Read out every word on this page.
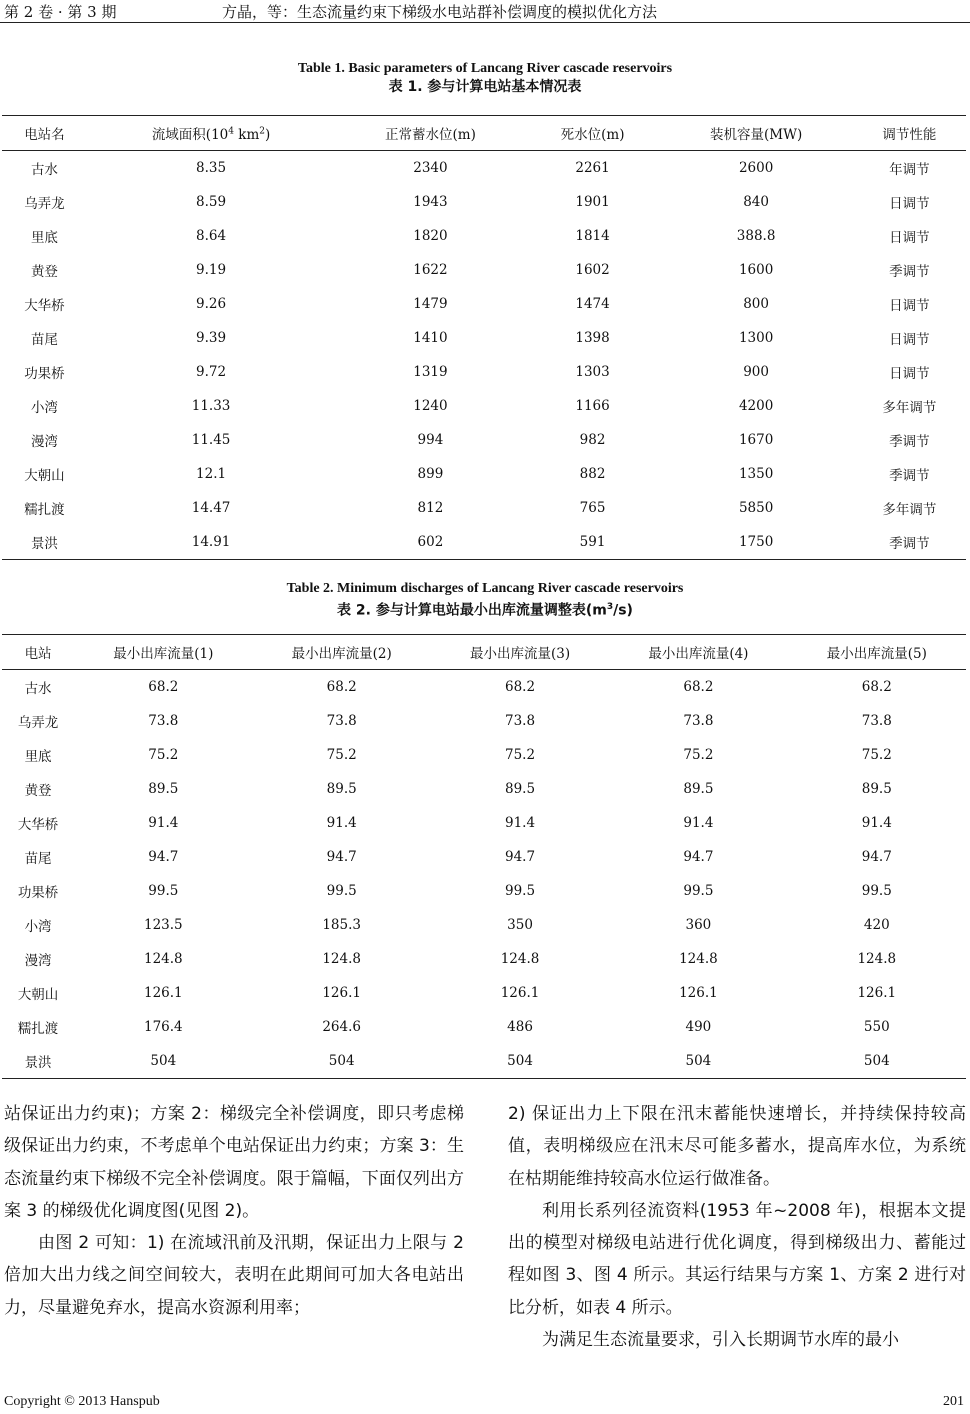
第 2 卷 · 第 3 期	方晶，等：生态流量约束下梯级水电站群补偿调度的模拟优化方法
Table 1. Basic parameters of Lancang River cascade reservoirs
表 1. 参与计算电站基本情况表
电站名	流域面积($10^4$ $km^2$)	正常蓄水位(m)	死水位(m)	装机容量(MW)	调节性能
古水	8.35	2340	2261	2600	年调节
乌弄龙	8.59	1943	1901	840	日调节
里底	8.64	1820	1814	388.8	日调节
黄登	9.19	1622	1602	1600	季调节
大华桥	9.26	1479	1474	800	日调节
苗尾	9.39	1410	1398	1300	日调节
功果桥	9.72	1319	1303	900	日调节
小湾	11.33	1240	1166	4200	多年调节
漫湾	11.45	994	982	1670	季调节
大朝山	12.1	899	882	1350	季调节
糯扎渡	14.47	812	765	5850	多年调节
景洪	14.91	602	591	1750	季调节
Table 2. Minimum discharges of Lancang River cascade reservoirs
表 2. 参与计算电站最小出库流量调整表$(m^3/s)$
电站	最小出库流量(1)	最小出库流量(2)	最小出库流量(3)	最小出库流量(4)	最小出库流量(5)
古水	68.2	68.2	68.2	68.2	68.2
乌弄龙	73.8	73.8	73.8	73.8	73.8
里底	75.2	75.2	75.2	75.2	75.2
黄登	89.5	89.5	89.5	89.5	89.5
大华桥	91.4	91.4	91.4	91.4	91.4
苗尾	94.7	94.7	94.7	94.7	94.7
功果桥	99.5	99.5	99.5	99.5	99.5
小湾	123.5	185.3	350	360	420
漫湾	124.8	124.8	124.8	124.8	124.8
大朝山	126.1	126.1	126.1	126.1	126.1
糯扎渡	176.4	264.6	486	490	550
景洪	504	504	504	504	504

站保证出力约束)；方案 2：梯级完全补偿调度，即只考虑梯级保证出力约束，不考虑单个电站保证出力约束；方案 3：生态流量约束下梯级不完全补偿调度。限于篇幅，下面仅列出方案 3 的梯级优化调度图(见图 2)。

由图 2 可知：1) 在流域汛前及汛期，保证出力上限与 2 倍加大出力线之间空间较大，表明在此期间可加大各电站出力，尽量避免弃水，提高水资源利用率；

2) 保证出力上下限在汛末蓄能快速增长，并持续保持较高值，表明梯级应在汛末尽可能多蓄水，提高库水位，为系统在枯期能维持较高水位运行做准备。

利用长系列径流资料(1953 年~2008 年)，根据本文提出的模型对梯级电站进行优化调度，得到梯级出力、蓄能过程如图 3、图 4 所示。其运行结果与方案 1、方案 2 进行对比分析，如表 4 所示。

为满足生态流量要求，引入长期调节水库的最小

Copyright © 2013 Hanspub	201
